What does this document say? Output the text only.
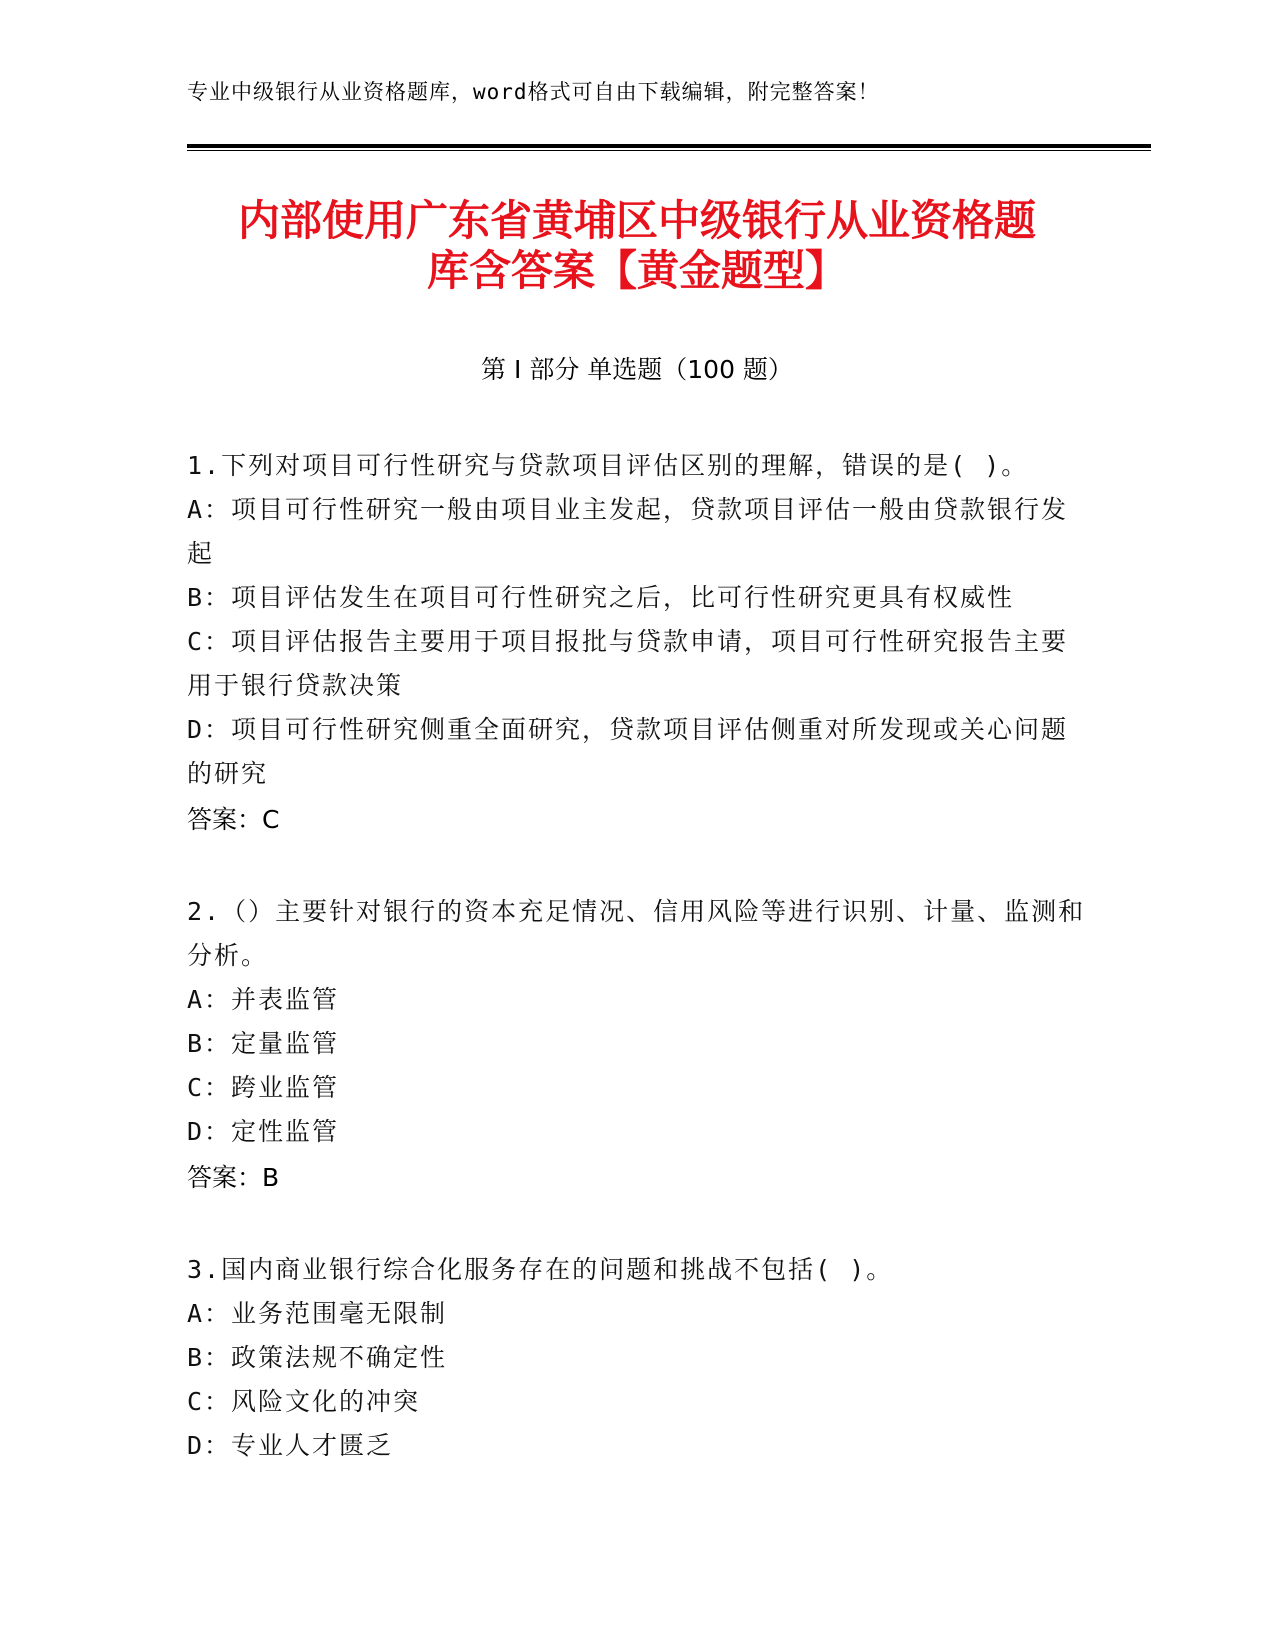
专业中级银行从业资格题库，word格式可自由下载编辑，附完整答案！
内部使用广东省黄埔区中级银行从业资格题
库含答案【黄金题型】
第 I 部分 单选题（100 题）
1.下列对项目可行性研究与贷款项目评估区别的理解，错误的是( )。
A：项目可行性研究一般由项目业主发起，贷款项目评估一般由贷款银行发起
B：项目评估发生在项目可行性研究之后，比可行性研究更具有权威性
C：项目评估报告主要用于项目报批与贷款申请，项目可行性研究报告主要用于银行贷款决策
D：项目可行性研究侧重全面研究，贷款项目评估侧重对所发现或关心问题的研究
答案：C
2.（）主要针对银行的资本充足情况、信用风险等进行识别、计量、监测和分析。
A：并表监管
B：定量监管
C：跨业监管
D：定性监管
答案：B
3.国内商业银行综合化服务存在的问题和挑战不包括( )。
A：业务范围毫无限制
B：政策法规不确定性
C：风险文化的冲突
D：专业人才匮乏
